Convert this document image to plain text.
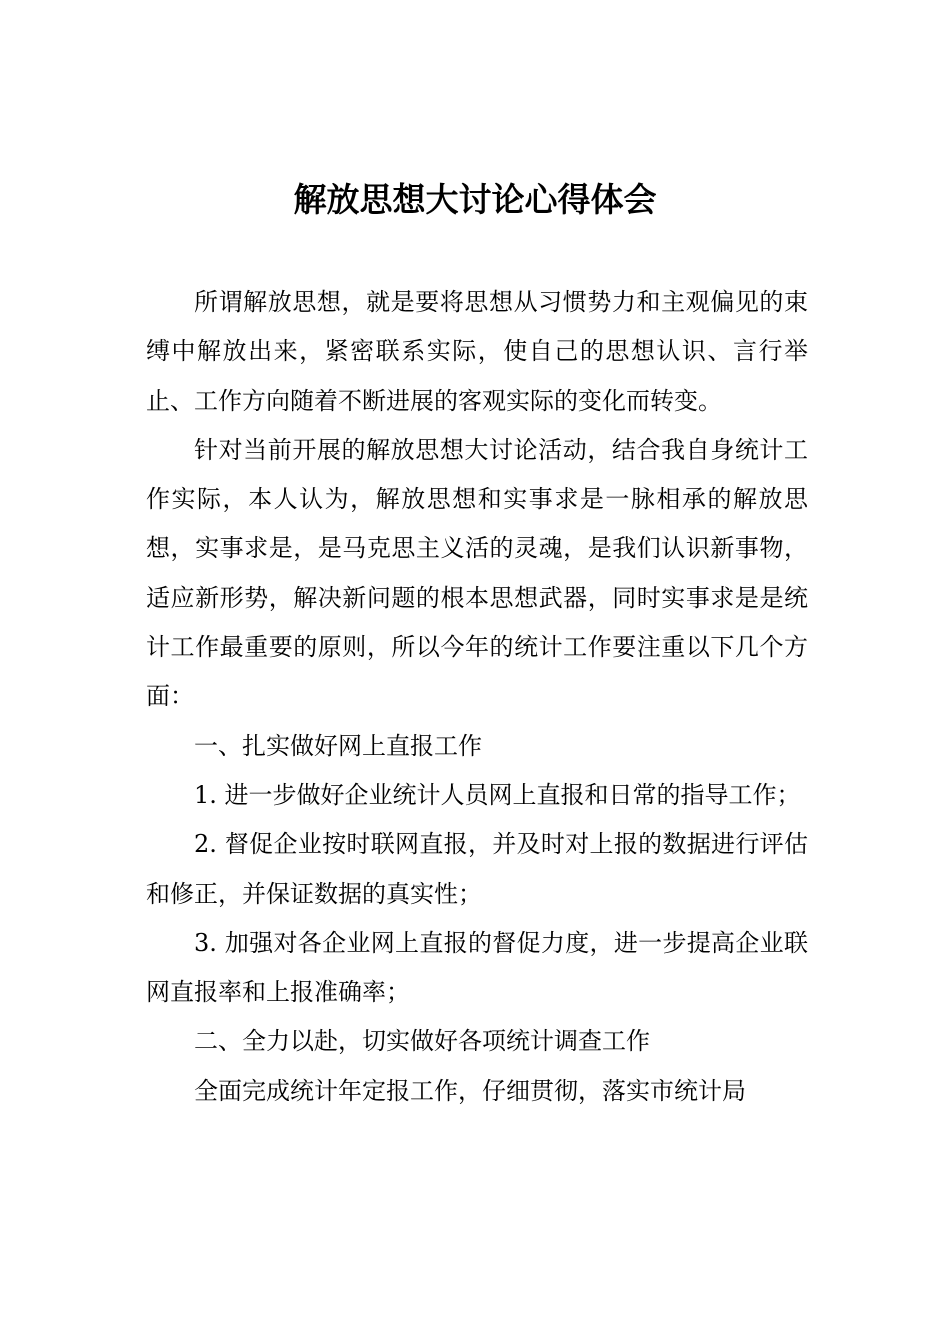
解放思想大讨论心得体会

所谓解放思想，就是要将思想从习惯势力和主观偏见的束缚中解放出来，紧密联系实际，使自己的思想认识、言行举止、工作方向随着不断进展的客观实际的变化而转变。

针对当前开展的解放思想大讨论活动，结合我自身统计工作实际，本人认为，解放思想和实事求是一脉相承的解放思想，实事求是，是马克思主义活的灵魂，是我们认识新事物，适应新形势，解决新问题的根本思想武器，同时实事求是是统计工作最重要的原则，所以今年的统计工作要注重以下几个方面：

一、扎实做好网上直报工作

1. 进一步做好企业统计人员网上直报和日常的指导工作；

2. 督促企业按时联网直报，并及时对上报的数据进行评估和修正，并保证数据的真实性；

3. 加强对各企业网上直报的督促力度，进一步提高企业联网直报率和上报准确率；

二、全力以赴，切实做好各项统计调查工作

全面完成统计年定报工作，仔细贯彻，落实市统计局
